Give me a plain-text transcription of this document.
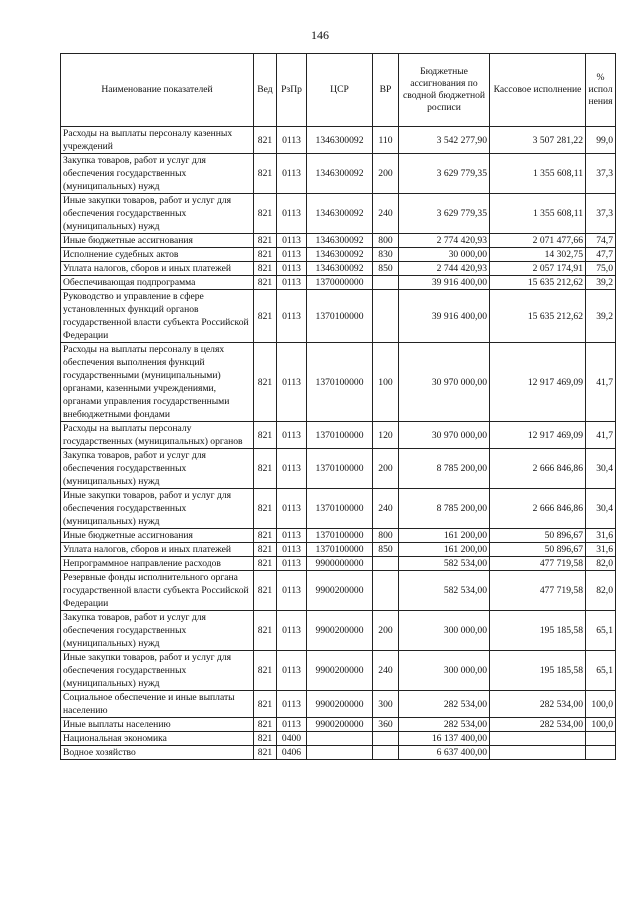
146
Наименование показателей	Вед	РзПр	ЦСР	ВР	Бюджетные ассигнования по сводной бюджетной росписи	Кассовое исполнение	% испол нения
Расходы на выплаты персоналу казенных учреждений	821	0113	1346300092	110	3 542 277,90	3 507 281,22	99,0
Закупка товаров, работ и услуг для обеспечения государственных (муниципальных) нужд	821	0113	1346300092	200	3 629 779,35	1 355 608,11	37,3
Иные закупки товаров, работ и услуг для обеспечения государственных (муниципальных) нужд	821	0113	1346300092	240	3 629 779,35	1 355 608,11	37,3
Иные бюджетные ассигнования	821	0113	1346300092	800	2 774 420,93	2 071 477,66	74,7
Исполнение судебных актов	821	0113	1346300092	830	30 000,00	14 302,75	47,7
Уплата налогов, сборов и иных платежей	821	0113	1346300092	850	2 744 420,93	2 057 174,91	75,0
Обеспечивающая подпрограмма	821	0113	1370000000		39 916 400,00	15 635 212,62	39,2
Руководство и управление в сфере установленных функций органов государственной власти субъекта Российской Федерации	821	0113	1370100000		39 916 400,00	15 635 212,62	39,2
Расходы на выплаты персоналу в целях обеспечения выполнения функций государственными (муниципальными) органами, казенными учреждениями, органами управления государственными внебюджетными фондами	821	0113	1370100000	100	30 970 000,00	12 917 469,09	41,7
Расходы на выплаты персоналу государственных (муниципальных) органов	821	0113	1370100000	120	30 970 000,00	12 917 469,09	41,7
Закупка товаров, работ и услуг для обеспечения государственных (муниципальных) нужд	821	0113	1370100000	200	8 785 200,00	2 666 846,86	30,4
Иные закупки товаров, работ и услуг для обеспечения государственных (муниципальных) нужд	821	0113	1370100000	240	8 785 200,00	2 666 846,86	30,4
Иные бюджетные ассигнования	821	0113	1370100000	800	161 200,00	50 896,67	31,6
Уплата налогов, сборов и иных платежей	821	0113	1370100000	850	161 200,00	50 896,67	31,6
Непрограммное направление расходов	821	0113	9900000000		582 534,00	477 719,58	82,0
Резервные фонды исполнительного органа государственной власти субъекта Российской Федерации	821	0113	9900200000		582 534,00	477 719,58	82,0
Закупка товаров, работ и услуг для обеспечения государственных (муниципальных) нужд	821	0113	9900200000	200	300 000,00	195 185,58	65,1
Иные закупки товаров, работ и услуг для обеспечения государственных (муниципальных) нужд	821	0113	9900200000	240	300 000,00	195 185,58	65,1
Социальное обеспечение и иные выплаты населению	821	0113	9900200000	300	282 534,00	282 534,00	100,0
Иные выплаты населению	821	0113	9900200000	360	282 534,00	282 534,00	100,0
Национальная экономика	821	0400			16 137 400,00		
Водное хозяйство	821	0406			6 637 400,00		
